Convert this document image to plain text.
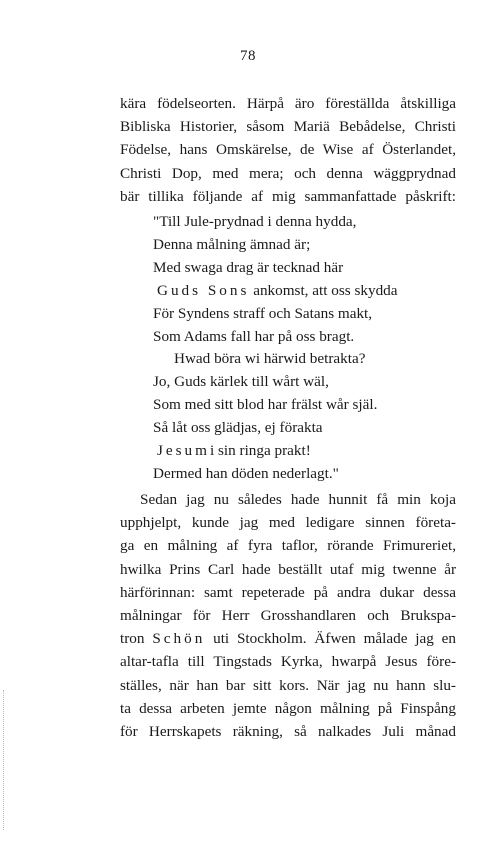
78
kära födelseorten. Härpå äro föreställda åtskilliga
Bibliska Historier, såsom Mariä Bebådelse, Christi
Födelse, hans Omskärelse, de Wise af Österlandet,
Christi Dop, med mera; och denna wäggprydnad
bär tillika följande af mig sammanfattade påskrift:
"Till Jule-prydnad i denna hydda,
Denna målning ämnad är;
Med swaga drag är tecknad här
Guds Sons ankomst, att oss skydda
För Syndens straff och Satans makt,
Som Adams fall har på oss bragt.
Hwad böra wi härwid betrakta?
Jo, Guds kärlek till wårt wäl,
Som med sitt blod har frälst wår själ.
Så låt oss glädjas, ej förakta
Jesumi sin ringa prakt!
Dermed han döden nederlagt."
Sedan jag nu således hade hunnit få min koja
upphjelpt, kunde jag med ledigare sinnen företa-
ga en målning af fyra taflor, rörande Frimureriet,
hwilka Prins Carl hade beställt utaf mig twenne år
härförinnan: samt repeterade på andra dukar dessa
målningar för Herr Grosshandlaren och Brukspa-
tron Schön uti Stockholm. Äfwen målade jag en
altar-tafla till Tingstads Kyrka, hwarpå Jesus före-
ställes, när han bar sitt kors. När jag nu hann slu-
ta dessa arbeten jemte någon målning på Finspång
för Herrskapets räkning, så nalkades Juli månad
